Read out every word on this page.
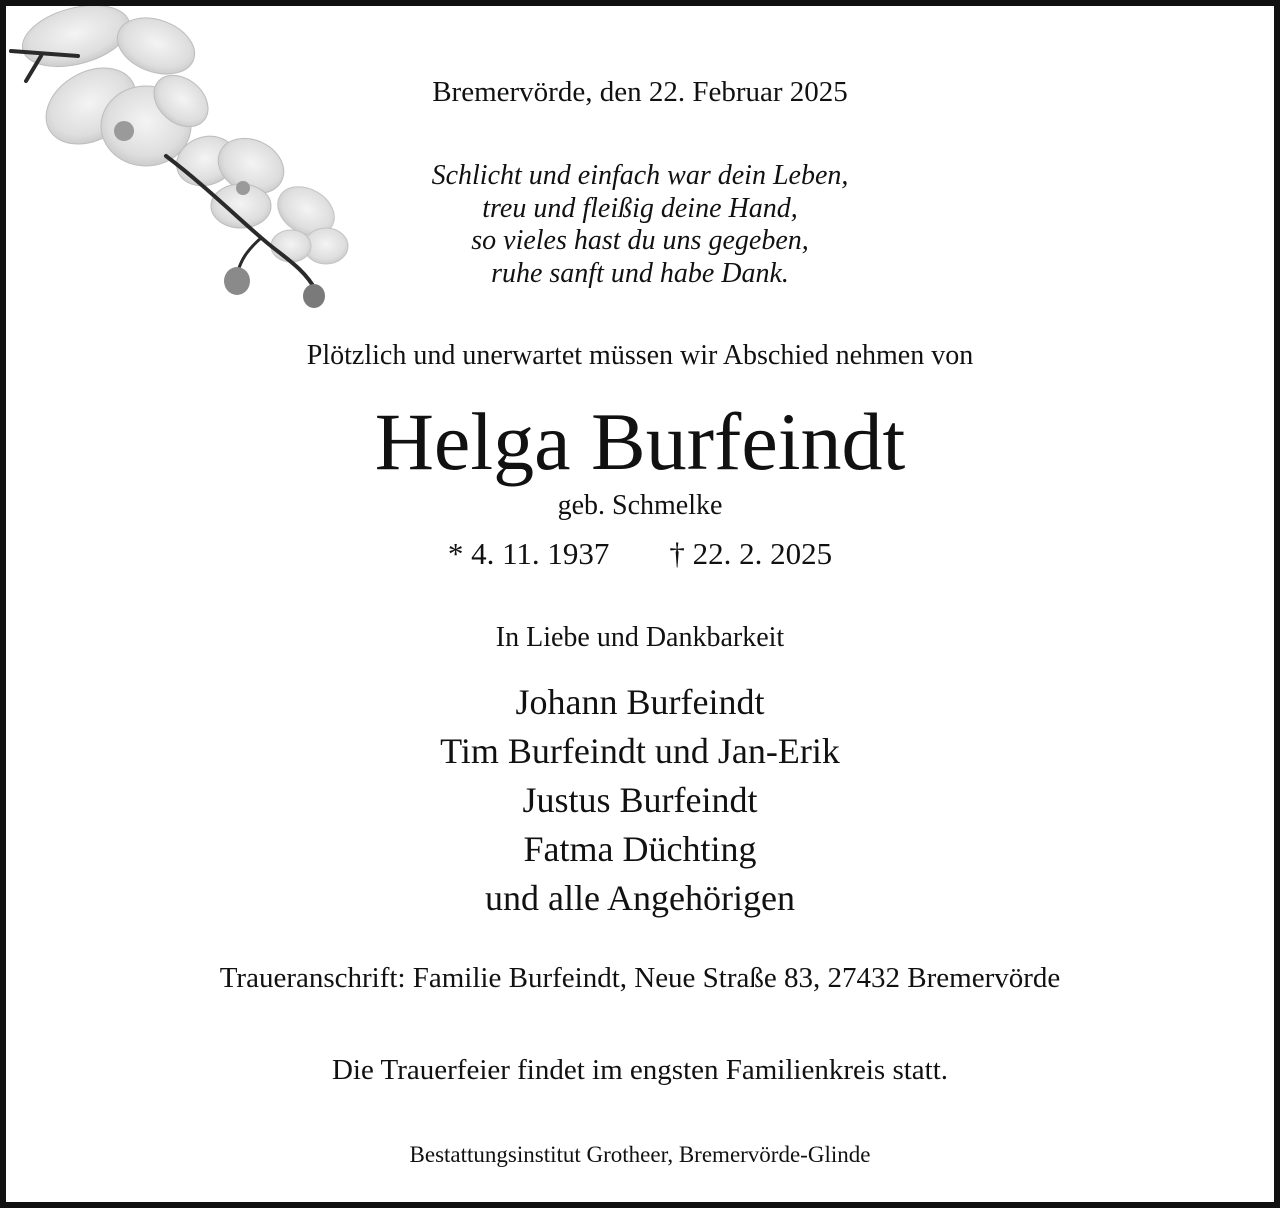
Bremervörde, den 22. Februar 2025
Schlicht und einfach war dein Leben,
treu und fleißig deine Hand,
so vieles hast du uns gegeben,
ruhe sanft und habe Dank.
Plötzlich und unerwartet müssen wir Abschied nehmen von
Helga Burfeindt
geb. Schmelke
* 4. 11. 1937 † 22. 2. 2025
In Liebe und Dankbarkeit
Johann Burfeindt
Tim Burfeindt und Jan-Erik
Justus Burfeindt
Fatma Düchting
und alle Angehörigen
Traueranschrift: Familie Burfeindt, Neue Straße 83, 27432 Bremervörde
Die Trauerfeier findet im engsten Familienkreis statt.
Bestattungsinstitut Grotheer, Bremervörde-Glinde
